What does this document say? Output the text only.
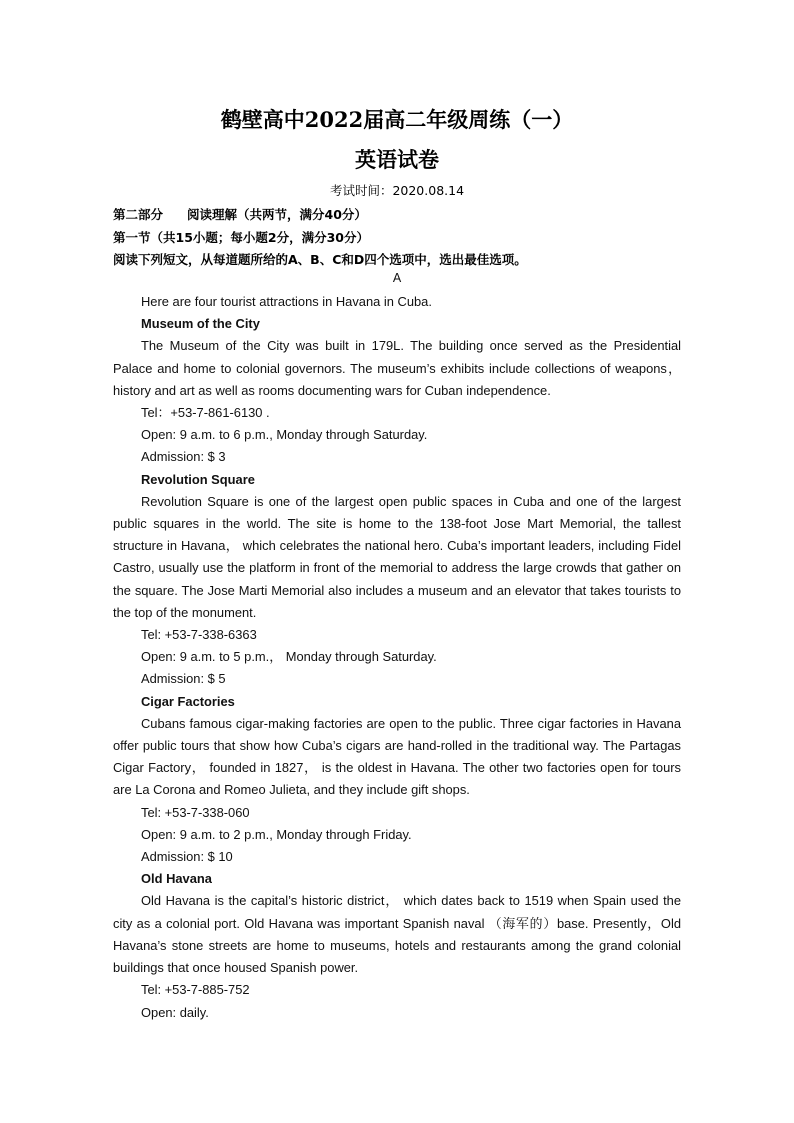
鹤壁高中2022届高二年级周练（一）
英语试卷
考试时间：2020.08.14
第二部分 阅读理解（共两节，满分40分）
第一节（共15小题；每小题2分，满分30分）
阅读下列短文，从每道题所给的A、B、C和D四个选项中，选出最佳选项。
A

Here are four tourist attractions in Havana in Cuba.

Museum of the City

The Museum of the City was built in 179L. The building once served as the Presidential Palace and home to colonial governors. The museum’s exhibits include collections of weapons， history and art as well as rooms documenting wars for Cuban independence.

Tel：+53-7-861-6130 .

Open: 9 a.m. to 6 p.m., Monday through Saturday.

Admission: $ 3

Revolution Square

Revolution Square is one of the largest open public spaces in Cuba and one of the largest public squares in the world. The site is home to the 138-foot Jose Mart Memorial, the tallest structure in Havana， which celebrates the national hero. Cuba’s important leaders, including Fidel Castro, usually use the platform in front of the memorial to address the large crowds that gather on the square. The Jose Marti Memorial also includes a museum and an elevator that takes tourists to the top of the monument.

Tel: +53-7-338-6363

Open: 9 a.m. to 5 p.m.， Monday through Saturday.

Admission: $ 5

Cigar Factories

Cubans famous cigar-making factories are open to the public. Three cigar factories in Havana offer public tours that show how Cuba’s cigars are hand-rolled in the traditional way. The Partagas Cigar Factory， founded in 1827， is the oldest in Havana. The other two factories open for tours are La Corona and Romeo Julieta, and they include gift shops.

Tel: +53-7-338-060

Open: 9 a.m. to 2 p.m., Monday through Friday.

Admission: $ 10

Old Havana

Old Havana is the capital’s historic district， which dates back to 1519 when Spain used the city as a colonial port. Old Havana was important Spanish naval （海军的）base. Presently，Old Havana’s stone streets are home to museums, hotels and restaurants among the grand colonial buildings that once housed Spanish power.

Tel: +53-7-885-752

Open: daily.
